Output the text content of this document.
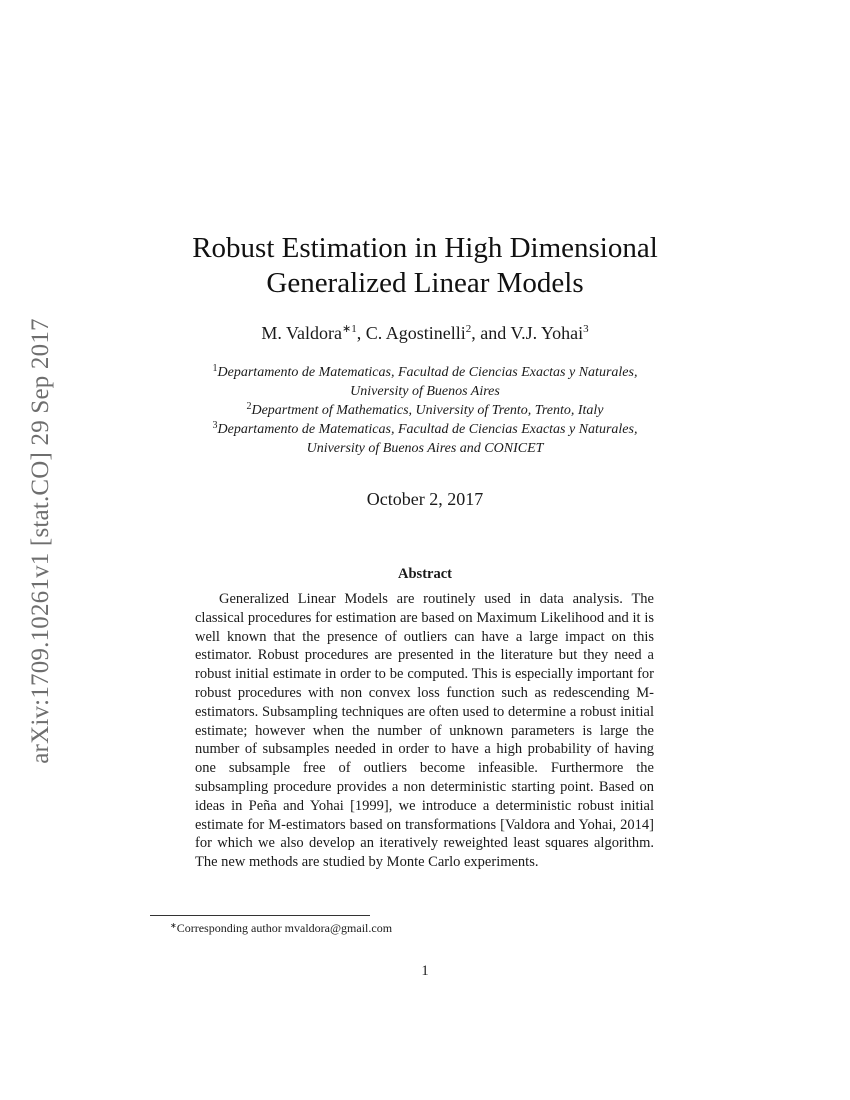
arXiv:1709.10261v1 [stat.CO] 29 Sep 2017
Robust Estimation in High Dimensional
Generalized Linear Models
M. Valdora$^{∗1}$, C. Agostinelli$^2$, and V.J. Yohai$^3$
$^1$Departamento de Matematicas, Facultad de Ciencias Exactas y Naturales,
University of Buenos Aires
$^2$Department of Mathematics, University of Trento, Trento, Italy
$^3$Departamento de Matematicas, Facultad de Ciencias Exactas y Naturales,
University of Buenos Aires and CONICET
October 2, 2017
Abstract
Generalized Linear Models are routinely used in data analysis. The classical procedures for estimation are based on Maximum Likelihood and it is well known that the presence of outliers can have a large impact on this estimator. Robust procedures are presented in the literature but they need a robust initial estimate in order to be computed. This is especially important for robust procedures with non convex loss function such as redescending M-estimators. Subsampling techniques are often used to determine a robust initial estimate; however when the number of unknown parameters is large the number of subsamples needed in order to have a high probability of having one subsample free of outliers become infeasible. Furthermore the subsampling procedure provides a non deterministic starting point. Based on ideas in Peña and Yohai [1999], we introduce a deterministic robust initial estimate for M-estimators based on transformations [Valdora and Yohai, 2014] for which we also develop an iteratively reweighted least squares algorithm. The new methods are studied by Monte Carlo experiments.
∗Corresponding author mvaldora@gmail.com
1
